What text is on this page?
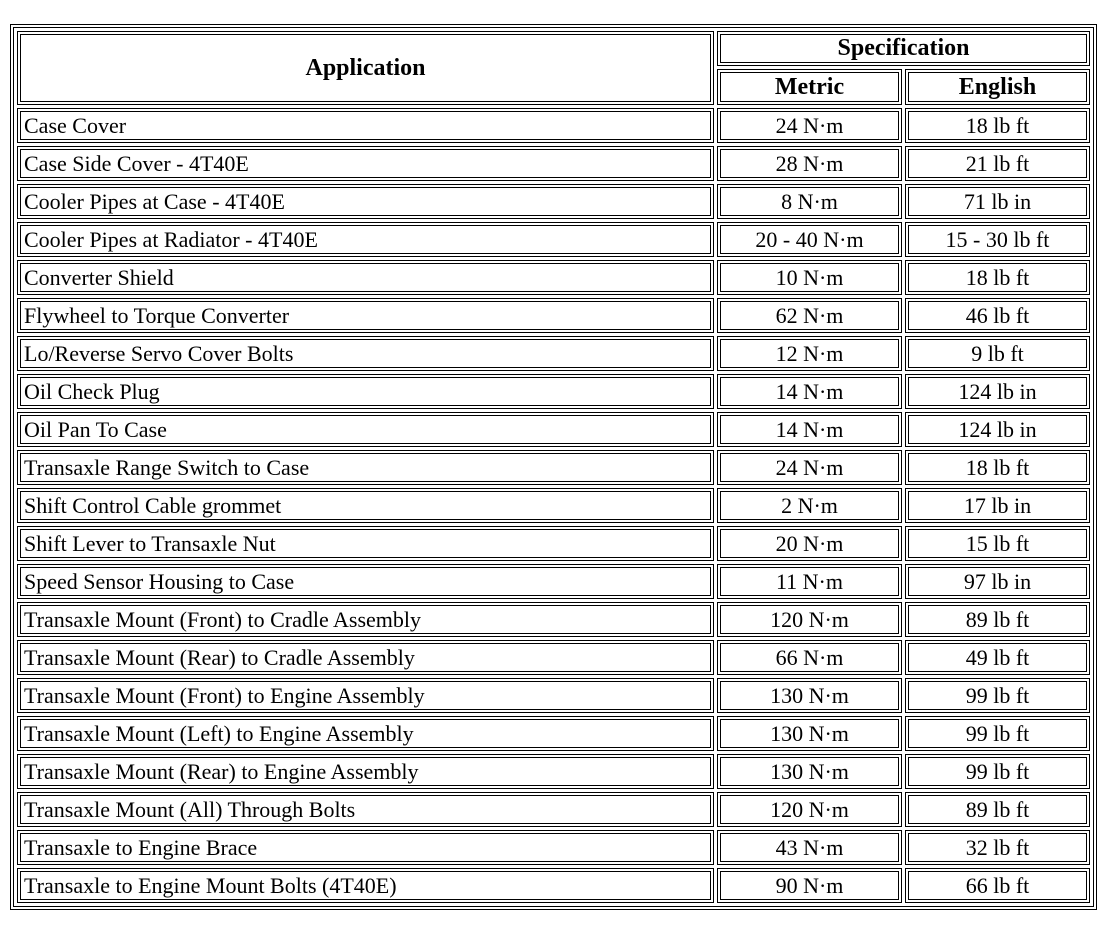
Application	Specification	
	Metric	English
Case Cover	24 N·m	18 lb ft
Case Side Cover - 4T40E	28 N·m	21 lb ft
Cooler Pipes at Case - 4T40E	8 N·m	71 lb in
Cooler Pipes at Radiator - 4T40E	20 - 40 N·m	15 - 30 lb ft
Converter Shield	10 N·m	18 lb ft
Flywheel to Torque Converter	62 N·m	46 lb ft
Lo/Reverse Servo Cover Bolts	12 N·m	9 lb ft
Oil Check Plug	14 N·m	124 lb in
Oil Pan To Case	14 N·m	124 lb in
Transaxle Range Switch to Case	24 N·m	18 lb ft
Shift Control Cable grommet	2 N·m	17 lb in
Shift Lever to Transaxle Nut	20 N·m	15 lb ft
Speed Sensor Housing to Case	11 N·m	97 lb in
Transaxle Mount (Front) to Cradle Assembly	120 N·m	89 lb ft
Transaxle Mount (Rear) to Cradle Assembly	66 N·m	49 lb ft
Transaxle Mount (Front) to Engine Assembly	130 N·m	99 lb ft
Transaxle Mount (Left) to Engine Assembly	130 N·m	99 lb ft
Transaxle Mount (Rear) to Engine Assembly	130 N·m	99 lb ft
Transaxle Mount (All) Through Bolts	120 N·m	89 lb ft
Transaxle to Engine Brace	43 N·m	32 lb ft
Transaxle to Engine Mount Bolts (4T40E)	90 N·m	66 lb ft
